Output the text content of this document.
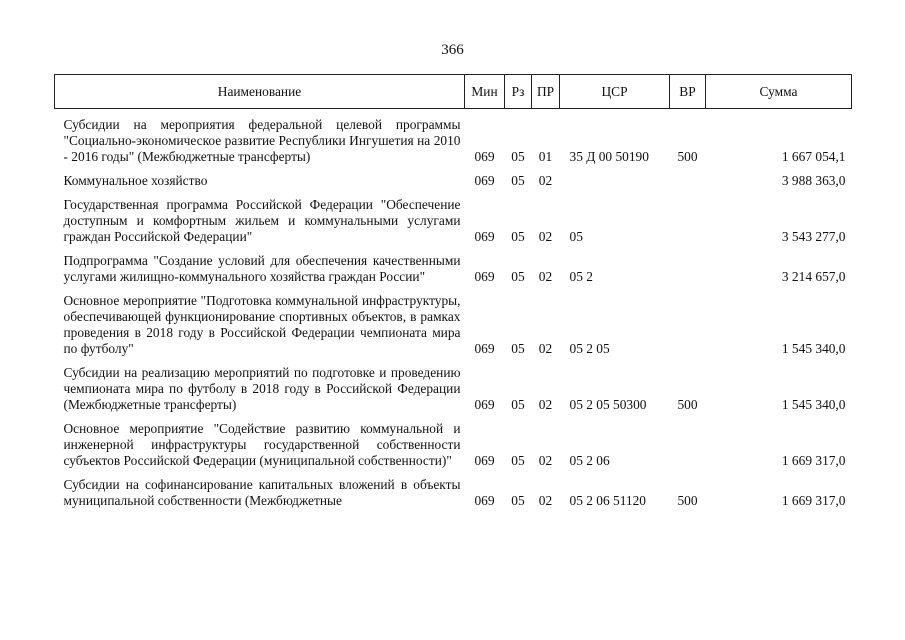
366
Наименование	Мин	Рз	ПР	ЦСР	ВР	Сумма
Субсидии на мероприятия федеральной целевой программы "Социально-экономическое развитие Республики Ингушетия на 2010 - 2016 годы" (Межбюджетные трансферты)	069	05	01	35 Д 00 50190	500	1 667 054,1
Коммунальное хозяйство	069	05	02			3 988 363,0
Государственная программа Российской Федерации "Обеспечение доступным и комфортным жильем и коммунальными услугами граждан Российской Федерации"	069	05	02	05		3 543 277,0
Подпрограмма "Создание условий для обеспечения качественными услугами жилищно-коммунального хозяйства граждан России"	069	05	02	05 2		3 214 657,0
Основное мероприятие "Подготовка коммунальной инфраструктуры, обеспечивающей функционирование спортивных объектов, в рамках проведения в 2018 году в Российской Федерации чемпионата мира по футболу"	069	05	02	05 2 05		1 545 340,0
Субсидии на реализацию мероприятий по подготовке и проведению чемпионата мира по футболу в 2018 году в Российской Федерации (Межбюджетные трансферты)	069	05	02	05 2 05 50300	500	1 545 340,0
Основное мероприятие "Содействие развитию коммунальной и инженерной инфраструктуры государственной собственности субъектов Российской Федерации (муниципальной собственности)"	069	05	02	05 2 06		1 669 317,0
Субсидии на софинансирование капитальных вложений в объекты муниципальной собственности (Межбюджетные	069	05	02	05 2 06 51120	500	1 669 317,0
